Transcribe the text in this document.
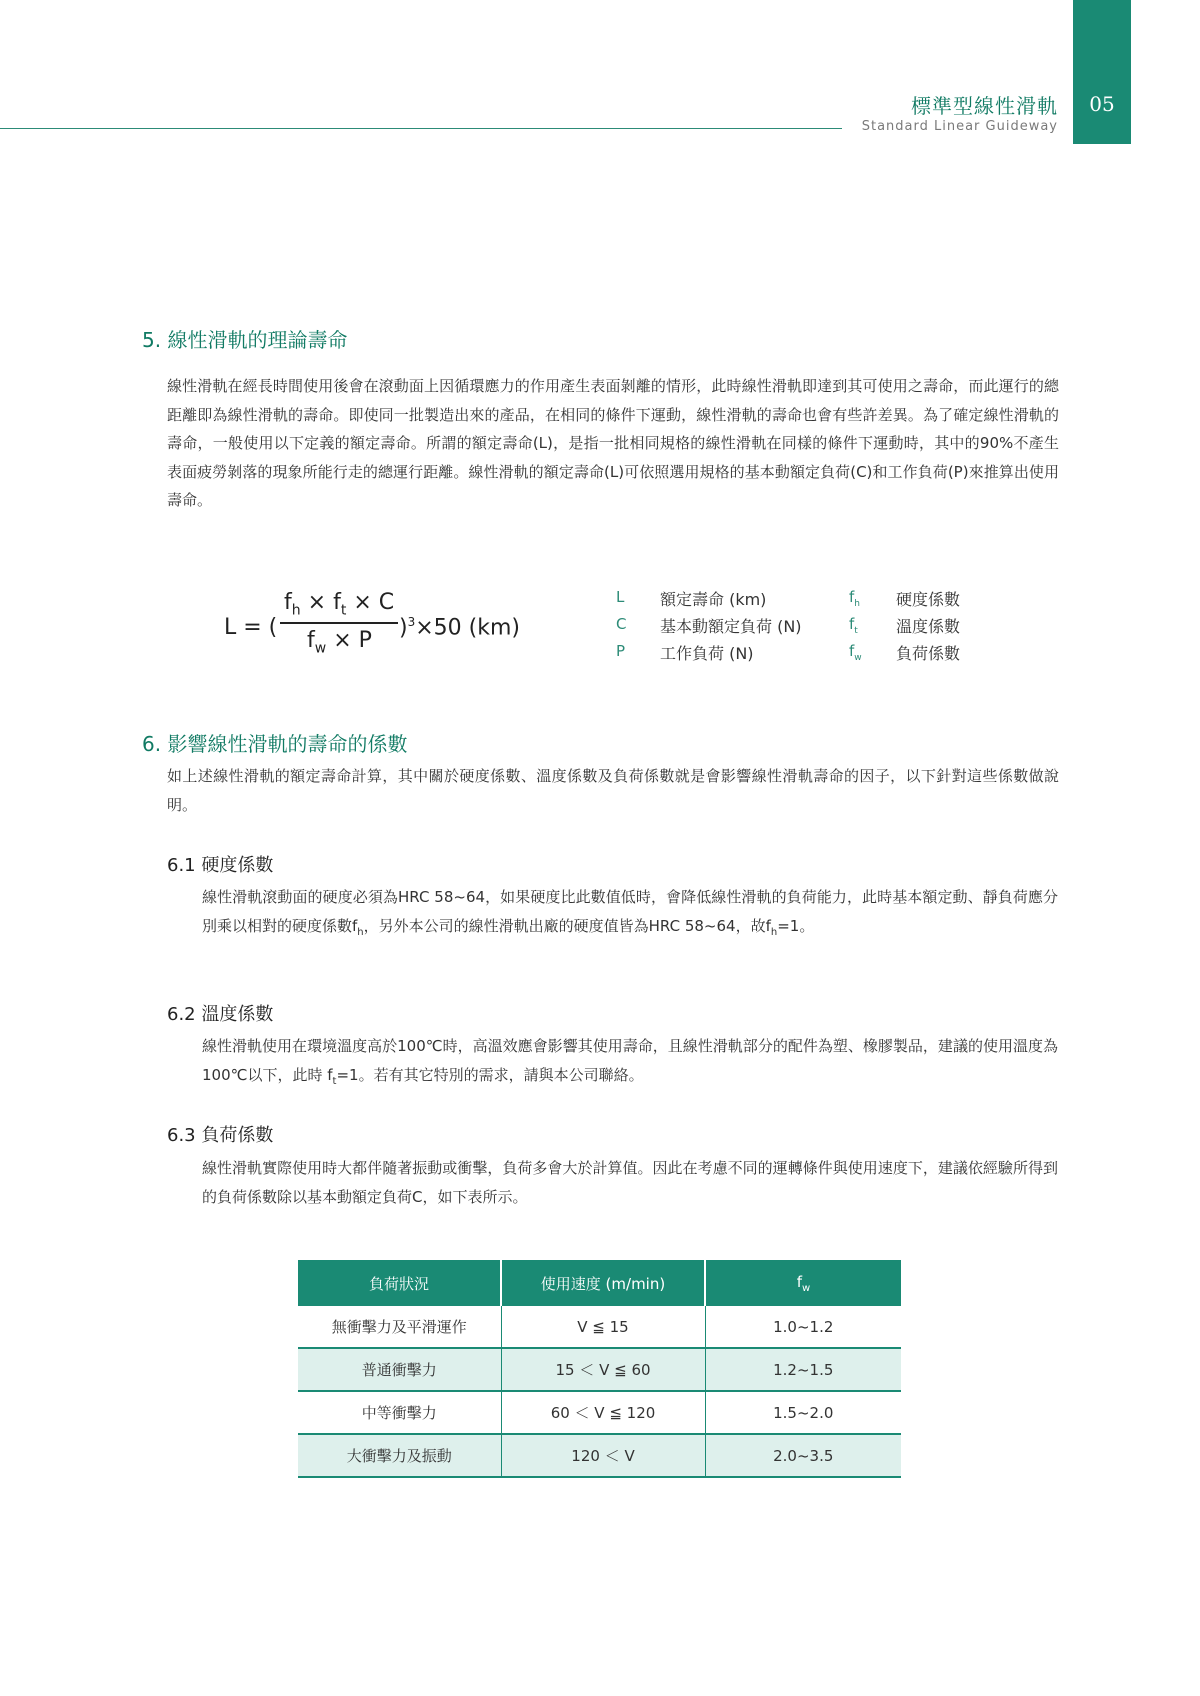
標準型線性滑軌
Standard Linear Guideway
05
5. 線性滑軌的理論壽命
線性滑軌在經長時間使用後會在滾動面上因循環應力的作用產生表面剝離的情形，此時線性滑軌即達到其可使用之壽命，而此運行的總距離即為線性滑軌的壽命。即使同一批製造出來的產品，在相同的條件下運動，線性滑軌的壽命也會有些許差異。為了確定線性滑軌的壽命，一般使用以下定義的額定壽命。所謂的額定壽命(L)，是指一批相同規格的線性滑軌在同樣的條件下運動時，其中的90%不產生表面疲勞剝落的現象所能行走的總運行距離。線性滑軌的額定壽命(L)可依照選用規格的基本動額定負荷(C)和工作負荷(P)來推算出使用壽命。
L = (
$f_h \times f_t \times C$
$f_w \times P$
)$^3$×50 (km)
L 額定壽命 (km)
C 基本動額定負荷 (N)
P 工作負荷 (N)
$f_h$ 硬度係數
$f_t$ 溫度係數
$f_w$ 負荷係數
6. 影響線性滑軌的壽命的係數
如上述線性滑軌的額定壽命計算，其中關於硬度係數、溫度係數及負荷係數就是會影響線性滑軌壽命的因子，以下針對這些係數做說明。
6.1 硬度係數
線性滑軌滾動面的硬度必須為HRC 58~64，如果硬度比此數值低時，會降低線性滑軌的負荷能力，此時基本額定動、靜負荷應分別乘以相對的硬度係數$f_h$，另外本公司的線性滑軌出廠的硬度值皆為HRC 58~64，故$f_h=1$。
6.2 溫度係數
線性滑軌使用在環境溫度高於100℃時，高溫效應會影響其使用壽命，且線性滑軌部分的配件為塑、橡膠製品，建議的使用溫度為100℃以下，此時 $f_t=1$。若有其它特別的需求，請與本公司聯絡。
6.3 負荷係數
線性滑軌實際使用時大都伴隨著振動或衝擊，負荷多會大於計算值。因此在考慮不同的運轉條件與使用速度下，建議依經驗所得到的負荷係數除以基本動額定負荷C，如下表所示。
負荷狀況	使用速度 (m/min)	$f_w$
無衝擊力及平滑運作	V ≦ 15	1.0~1.2
普通衝擊力	15 ＜ V ≦ 60	1.2~1.5
中等衝擊力	60 ＜ V ≦ 120	1.5~2.0
大衝擊力及振動	120 ＜ V	2.0~3.5
